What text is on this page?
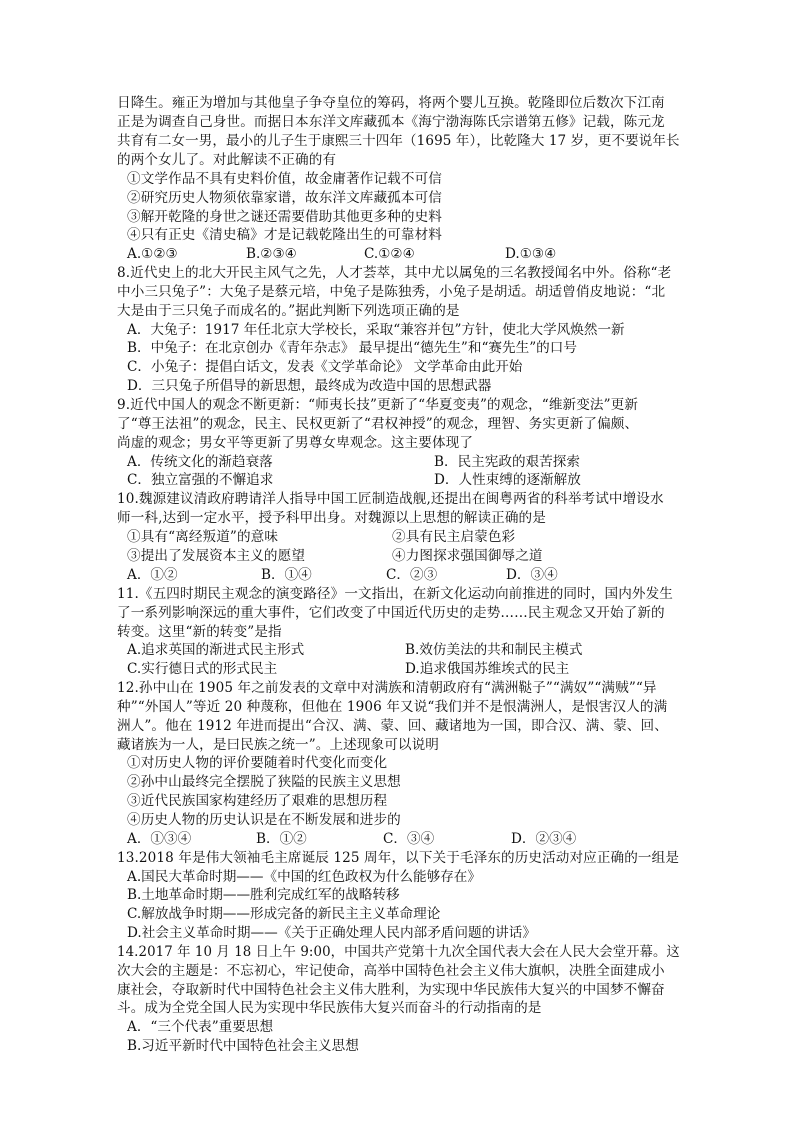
日降生。雍正为增加与其他皇子争夺皇位的筹码，将两个婴儿互换。乾隆即位后数次下江南
正是为调查自己身世。而据日本东洋文库藏孤本《海宁渤海陈氏宗谱第五修》记载，陈元龙
共育有二女一男，最小的儿子生于康熙三十四年（1695 年），比乾隆大 17 岁，更不要说年长
的两个女儿了。对此解读不正确的有
①文学作品不具有史料价值，故金庸著作记载不可信
②研究历史人物须依靠家谱，故东洋文库藏孤本可信
③解开乾隆的身世之谜还需要借助其他更多种的史料
④只有正史《清史稿》才是记载乾隆出生的可靠材料
A.①②③	B.②③④	C.①②④	D.①③④
8.近代史上的北大开民主风气之先，人才荟萃，其中尤以属兔的三名教授闻名中外。俗称“老
中小三只兔子”：大兔子是蔡元培，中兔子是陈独秀，小兔子是胡适。胡适曾俏皮地说：“北
大是由于三只兔子而成名的。”据此判断下列选项正确的是
A．大兔子：1917 年任北京大学校长，采取“兼容并包”方针，使北大学风焕然一新
B．中兔子：在北京创办《青年杂志》 最早提出“德先生”和“赛先生”的口号
C．小兔子：提倡白话文，发表《文学革命论》 文学革命由此开始
D．三只兔子所倡导的新思想，最终成为改造中国的思想武器
9.近代中国人的观念不断更新：“师夷长技”更新了“华夏变夷”的观念，“维新变法”更新
了“尊王法祖”的观念，民主、民权更新了“君权神授”的观念，理智、务实更新了偏颇、
尚虚的观念；男女平等更新了男尊女卑观念。这主要体现了
A．传统文化的渐趋衰落	B．民主宪政的艰苦探索
C．独立富强的不懈追求	D．人性束缚的逐渐解放
10.魏源建议清政府聘请洋人指导中国工匠制造战舰,还提出在闽粤两省的科举考试中增设水
师一科,达到一定水平，授予科甲出身。对魏源以上思想的解读正确的是
①具有“离经叛道”的意味	②具有民主启蒙色彩
③提出了发展资本主义的愿望	④力图探求强国御辱之道
A．①②	B．①④	C．②③	D．③④
11.《五四时期民主观念的演变路径》一文指出，在新文化运动向前推进的同时，国内外发生
了一系列影响深远的重大事件，它们改变了中国近代历史的走势……民主观念又开始了新的
转变。这里“新的转变”是指
A.追求英国的渐进式民主形式	B.效仿美法的共和制民主模式
C.实行德日式的形式民主	D.追求俄国苏维埃式的民主
12.孙中山在 1905 年之前发表的文章中对满族和清朝政府有“满洲鞑子”“满奴”“满贼”“异
种”“外国人”等近 20 种蔑称，但他在 1906 年又说“我们并不是恨满洲人，是恨害汉人的满
洲人”。他在 1912 年进而提出“合汉、满、蒙、回、藏诸地为一国，即合汉、满、蒙、回、
藏诸族为一人，是曰民族之统一”。上述现象可以说明
①对历史人物的评价要随着时代变化而变化
②孙中山最终完全摆脱了狭隘的民族主义思想
③近代民族国家构建经历了艰难的思想历程
④历史人物的历史认识是在不断发展和进步的
A．①③④	B．①②	C．③④	D．②③④
13.2018 年是伟大领袖毛主席诞辰 125 周年，以下关于毛泽东的历史活动对应正确的一组是
A.国民大革命时期——《中国的红色政权为什么能够存在》
B.土地革命时期——胜利完成红军的战略转移
C.解放战争时期——形成完备的新民主主义革命理论
D.社会主义革命时期——《关于正确处理人民内部矛盾问题的讲话》
14.2017 年 10 月 18 日上午 9:00，中国共产党第十九次全国代表大会在人民大会堂开幕。这
次大会的主题是：不忘初心，牢记使命，高举中国特色社会主义伟大旗帜，决胜全面建成小
康社会，夺取新时代中国特色社会主义伟大胜利，为实现中华民族伟大复兴的中国梦不懈奋
斗。成为全党全国人民为实现中华民族伟大复兴而奋斗的行动指南的是
A．“三个代表”重要思想
B.习近平新时代中国特色社会主义思想
